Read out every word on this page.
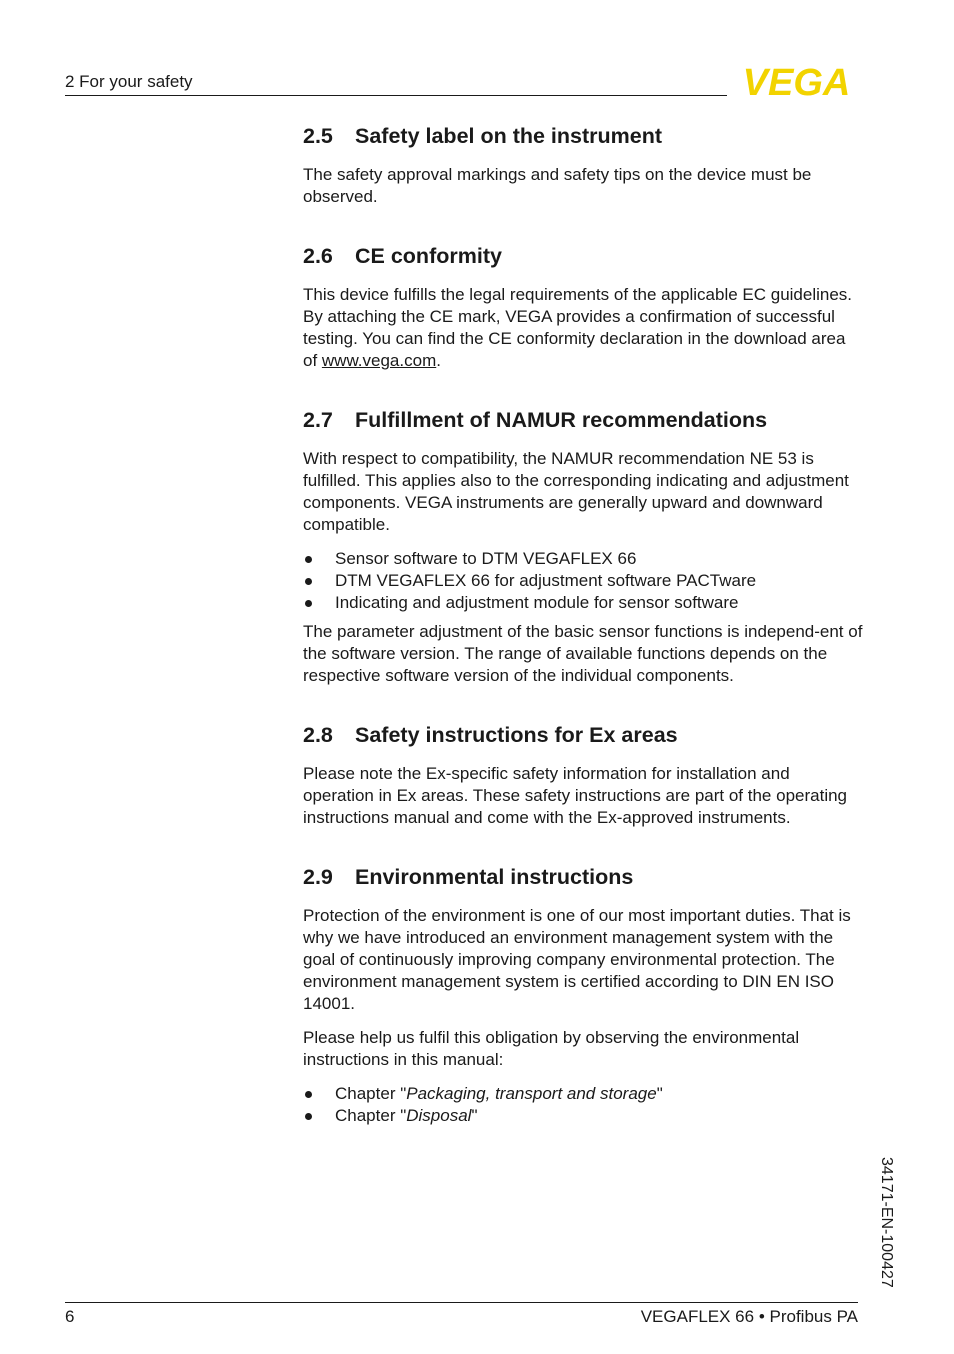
2 For your safety	VEGA
2.5 Safety label on the instrument

The safety approval markings and safety tips on the device must be observed.

2.6 CE conformity

This device fulfills the legal requirements of the applicable EC guidelines. By attaching the CE mark, VEGA provides a confirmation of successful testing. You can find the CE conformity declaration in the download area of www.vega.com.

2.7 Fulfillment of NAMUR recommendations

With respect to compatibility, the NAMUR recommendation NE 53 is fulfilled. This applies also to the corresponding indicating and adjustment components. VEGA instruments are generally upward and downward compatible.

Sensor software to DTM VEGAFLEX 66
DTM VEGAFLEX 66 for adjustment software PACTware
Indicating and adjustment module for sensor software

The parameter adjustment of the basic sensor functions is independ-ent of the software version. The range of available functions depends on the respective software version of the individual components.

2.8 Safety instructions for Ex areas

Please note the Ex-specific safety information for installation and operation in Ex areas. These safety instructions are part of the operating instructions manual and come with the Ex-approved instruments.

2.9 Environmental instructions

Protection of the environment is one of our most important duties. That is why we have introduced an environment management system with the goal of continuously improving company environmental protection. The environment management system is certified according to DIN EN ISO 14001.

Please help us fulfil this obligation by observing the environmental instructions in this manual:

Chapter "Packaging, transport and storage"
Chapter "Disposal"
34171-EN-100427
6	VEGAFLEX 66 • Profibus PA
